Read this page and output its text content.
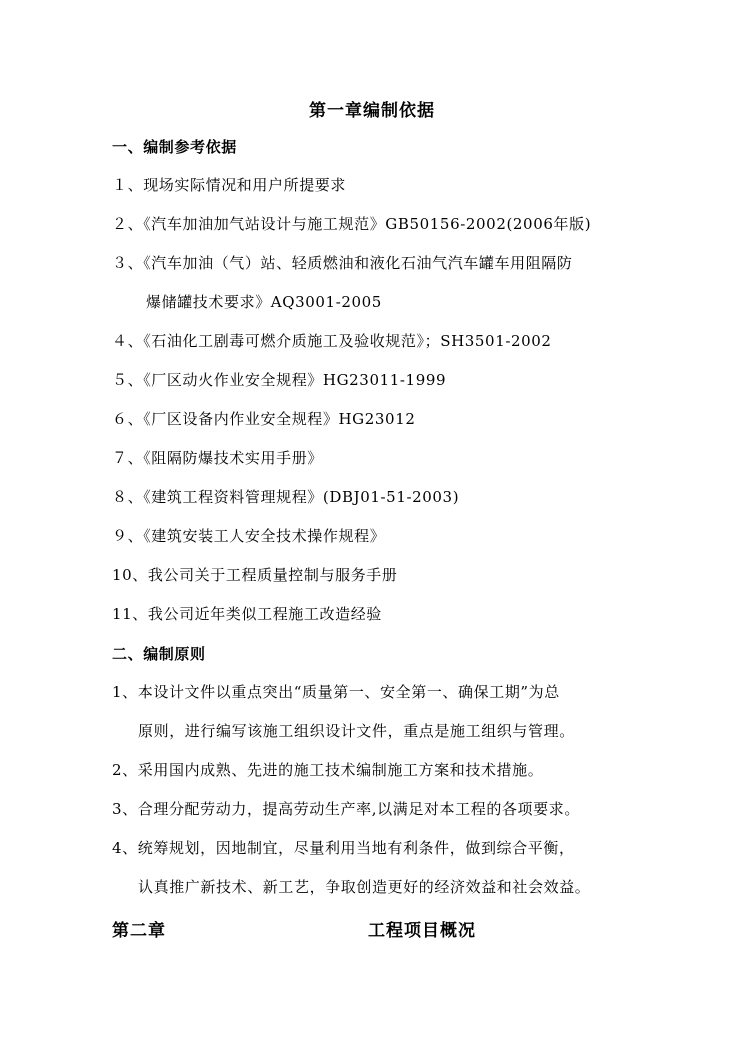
第一章编制依据
一、编制参考依据
１、现场实际情况和用户所提要求
２、《汽车加油加气站设计与施工规范》GB50156-2002(2006年版)
３、《汽车加油（气）站、轻质燃油和液化石油气汽车罐车用阻隔防
爆储罐技术要求》AQ3001-2005
４、《石油化工剧毒可燃介质施工及验收规范》；SH3501-2002
５、《厂区动火作业安全规程》HG23011-1999
６、《厂区设备内作业安全规程》HG23012
７、《阻隔防爆技术实用手册》
８、《建筑工程资料管理规程》(DBJ01-51-2003)
９、《建筑安装工人安全技术操作规程》
10、我公司关于工程质量控制与服务手册
11、我公司近年类似工程施工改造经验
二、编制原则
1、本设计文件以重点突出“质量第一、安全第一、确保工期”为总
原则，进行编写该施工组织设计文件，重点是施工组织与管理。
2、采用国内成熟、先进的施工技术编制施工方案和技术措施。
3、合理分配劳动力，提高劳动生产率,以满足对本工程的各项要求。
4、统筹规划，因地制宜，尽量利用当地有利条件，做到综合平衡，
认真推广新技术、新工艺，争取创造更好的经济效益和社会效益。
第二章	工程项目概况
